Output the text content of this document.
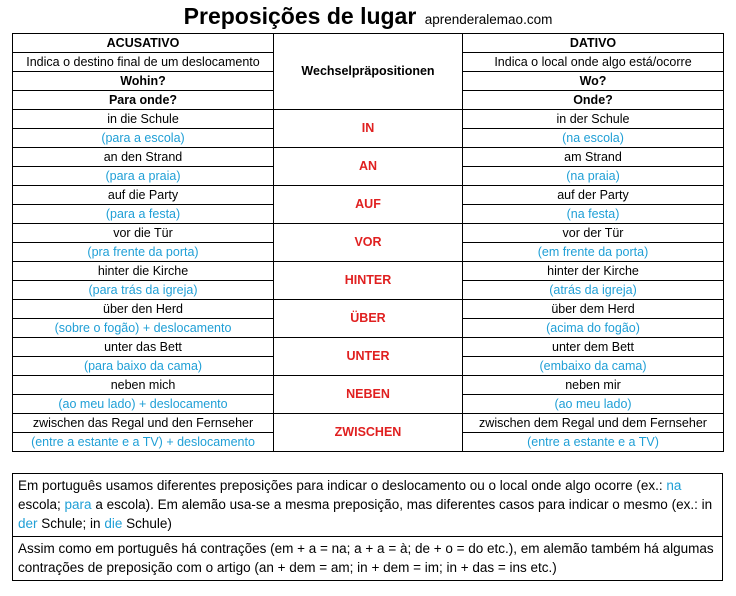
Preposições de lugar aprenderalemao.com
ACUSATIVO	Wechselpräpositionen	DATIVO
Indica o destino final de um deslocamento		Indica o local onde algo está/ocorre
Wohin?		Wo?
Para onde?		Onde?
in die Schule	IN	in der Schule
(para a escola)		(na escola)
an den Strand	AN	am Strand
(para a praia)		(na praia)
auf die Party	AUF	auf der Party
(para a festa)		(na festa)
vor die Tür	VOR	vor der Tür
(pra frente da porta)		(em frente da porta)
hinter die Kirche	HINTER	hinter der Kirche
(para trás da igreja)		(atrás da igreja)
über den Herd	ÜBER	über dem Herd
(sobre o fogão) + deslocamento		(acima do fogão)
unter das Bett	UNTER	unter dem Bett
(para baixo da cama)		(embaixo da cama)
neben mich	NEBEN	neben mir
(ao meu lado) + deslocamento		(ao meu lado)
zwischen das Regal und den Fernseher	ZWISCHEN	zwischen dem Regal und dem Fernseher
(entre a estante e a TV) + deslocamento		(entre a estante e a TV)
Em português usamos diferentes preposições para indicar o deslocamento ou o local onde algo ocorre (ex.: na escola; para a escola). Em alemão usa-se a mesma preposição, mas diferentes casos para indicar o mesmo (ex.: in der Schule; in die Schule)
Assim como em português há contrações (em + a = na; a + a = à; de + o = do etc.), em alemão também há algumas contrações de preposição com o artigo (an + dem = am; in + dem = im; in + das = ins etc.)
